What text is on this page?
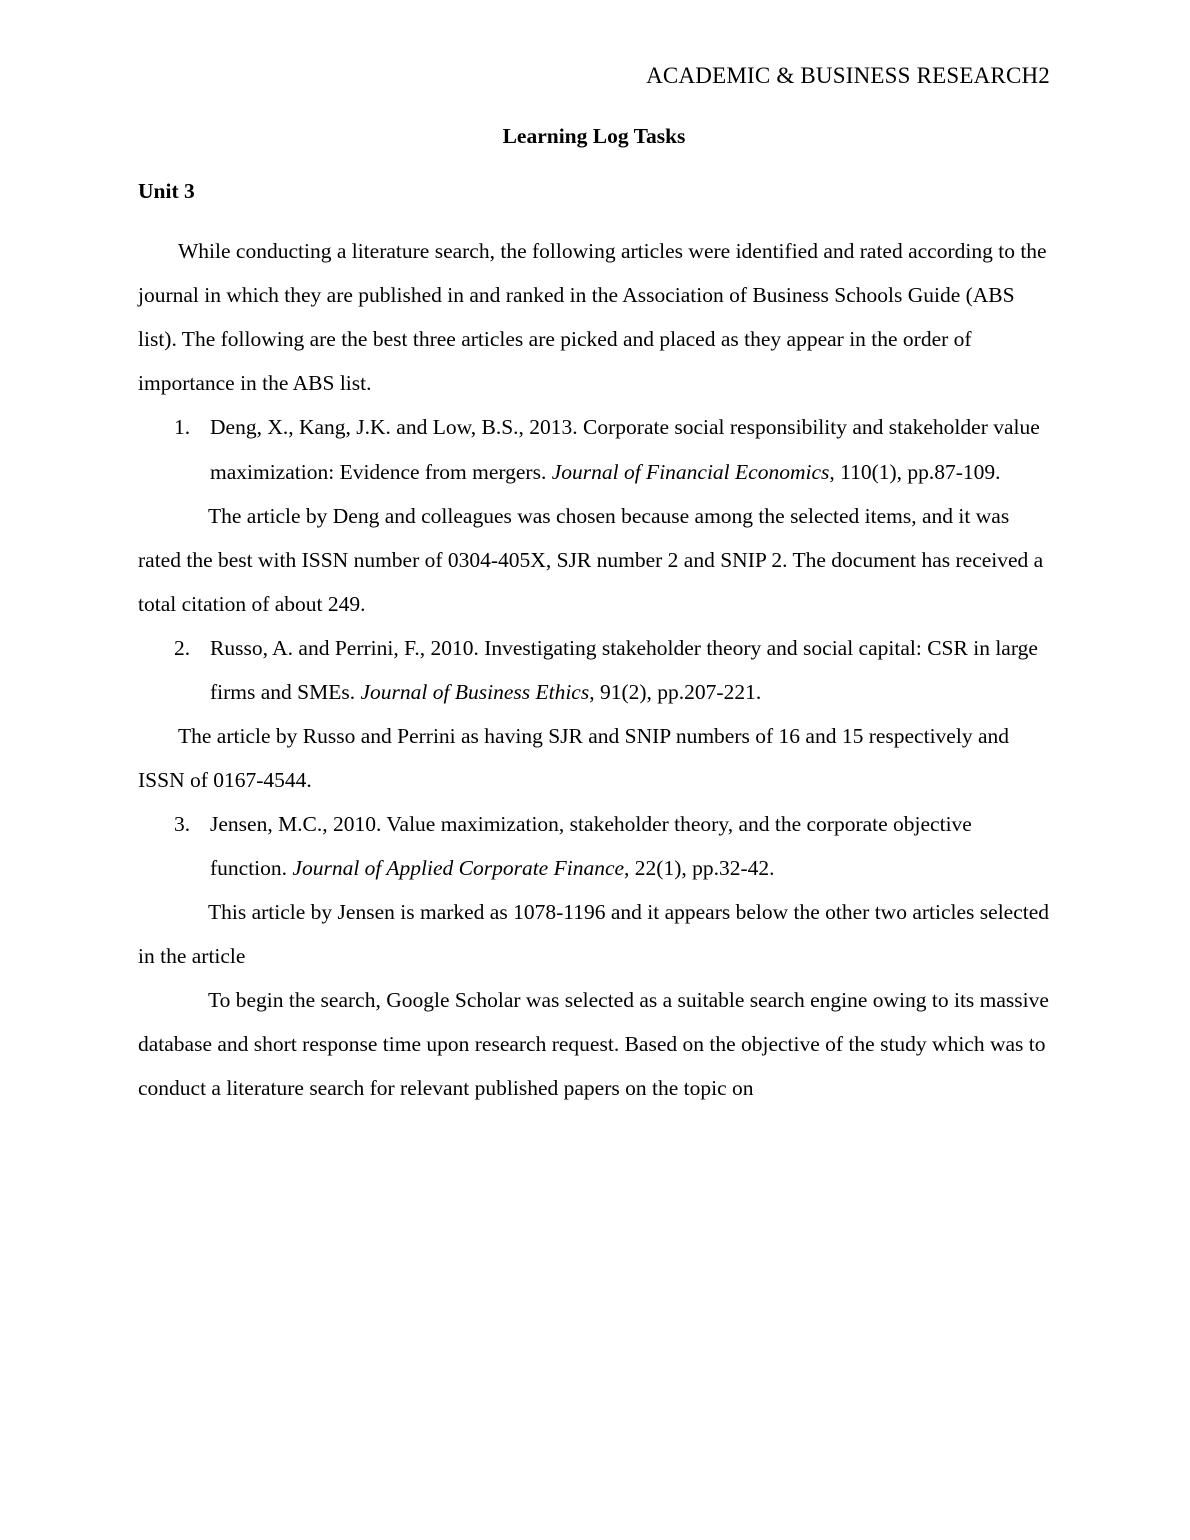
ACADEMIC & BUSINESS RESEARCH2
Learning Log Tasks
Unit 3

While conducting a literature search, the following articles were identified and rated according to the journal in which they are published in and ranked in the Association of Business Schools Guide (ABS list). The following are the best three articles are picked and placed as they appear in the order of importance in the ABS list.

1. Deng, X., Kang, J.K. and Low, B.S., 2013. Corporate social responsibility and stakeholder value maximization: Evidence from mergers. Journal of Financial Economics, 110(1), pp.87-109.

The article by Deng and colleagues was chosen because among the selected items, and it was rated the best with ISSN number of 0304-405X, SJR number 2 and SNIP 2. The document has received a total citation of about 249.

2. Russo, A. and Perrini, F., 2010. Investigating stakeholder theory and social capital: CSR in large firms and SMEs. Journal of Business Ethics, 91(2), pp.207-221.

The article by Russo and Perrini as having SJR and SNIP numbers of 16 and 15 respectively and ISSN of 0167-4544.

3. Jensen, M.C., 2010. Value maximization, stakeholder theory, and the corporate objective function. Journal of Applied Corporate Finance, 22(1), pp.32-42.

This article by Jensen is marked as 1078-1196 and it appears below the other two articles selected in the article

To begin the search, Google Scholar was selected as a suitable search engine owing to its massive database and short response time upon research request. Based on the objective of the study which was to conduct a literature search for relevant published papers on the topic on
